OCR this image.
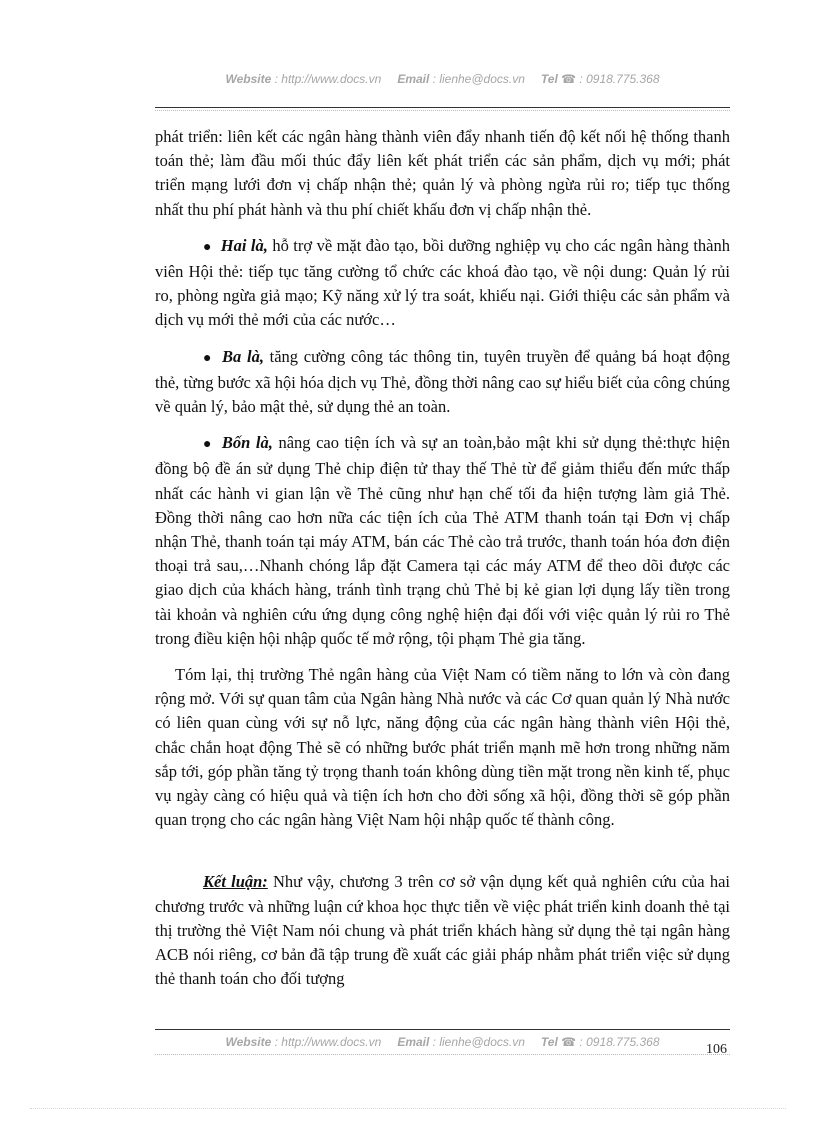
Website : http://www.docs.vn Email : lienhe@docs.vn Tel ☎ : 0918.775.368

phát triển: liên kết các ngân hàng thành viên đẩy nhanh tiến độ kết nối hệ thống thanh toán thẻ; làm đầu mối thúc đẩy liên kết phát triển các sản phẩm, dịch vụ mới; phát triển mạng lưới đơn vị chấp nhận thẻ; quản lý và phòng ngừa rủi ro; tiếp tục thống nhất thu phí phát hành và thu phí chiết khấu đơn vị chấp nhận thẻ.

● Hai là, hỗ trợ về mặt đào tạo, bồi dưỡng nghiệp vụ cho các ngân hàng thành viên Hội thẻ: tiếp tục tăng cường tổ chức các khoá đào tạo, về nội dung: Quản lý rủi ro, phòng ngừa giả mạo; Kỹ năng xử lý tra soát, khiếu nại. Giới thiệu các sản phẩm và dịch vụ mới thẻ mới của các nước…

● Ba là, tăng cường công tác thông tin, tuyên truyền để quảng bá hoạt động thẻ, từng bước xã hội hóa dịch vụ Thẻ, đồng thời nâng cao sự hiểu biết của công chúng về quản lý, bảo mật thẻ, sử dụng thẻ an toàn.

● Bốn là, nâng cao tiện ích và sự an toàn,bảo mật khi sử dụng thẻ:thực hiện đồng bộ đề án sử dụng Thẻ chip điện tử thay thế Thẻ từ để giảm thiểu đến mức thấp nhất các hành vi gian lận về Thẻ cũng như hạn chế tối đa hiện tượng làm giả Thẻ. Đồng thời nâng cao hơn nữa các tiện ích của Thẻ ATM thanh toán tại Đơn vị chấp nhận Thẻ, thanh toán tại máy ATM, bán các Thẻ cào trả trước, thanh toán hóa đơn điện thoại trả sau,…Nhanh chóng lắp đặt Camera tại các máy ATM để theo dõi được các giao dịch của khách hàng, tránh tình trạng chủ Thẻ bị kẻ gian lợi dụng lấy tiền trong tài khoản và nghiên cứu ứng dụng công nghệ hiện đại đối với việc quản lý rủi ro Thẻ trong điều kiện hội nhập quốc tế mở rộng, tội phạm Thẻ gia tăng.

Tóm lại, thị trường Thẻ ngân hàng của Việt Nam có tiềm năng to lớn và còn đang rộng mở. Với sự quan tâm của Ngân hàng Nhà nước và các Cơ quan quản lý Nhà nước có liên quan cùng với sự nỗ lực, năng động của các ngân hàng thành viên Hội thẻ, chắc chắn hoạt động Thẻ sẽ có những bước phát triển mạnh mẽ hơn trong những năm sắp tới, góp phần tăng tỷ trọng thanh toán không dùng tiền mặt trong nền kinh tế, phục vụ ngày càng có hiệu quả và tiện ích hơn cho đời sống xã hội, đồng thời sẽ góp phần quan trọng cho các ngân hàng Việt Nam hội nhập quốc tế thành công.

Kết luận: Như vậy, chương 3 trên cơ sở vận dụng kết quả nghiên cứu của hai chương trước và những luận cứ khoa học thực tiễn về việc phát triển kinh doanh thẻ tại thị trường thẻ Việt Nam nói chung và phát triển khách hàng sử dụng thẻ tại ngân hàng ACB nói riêng, cơ bản đã tập trung đề xuất các giải pháp nhằm phát triển việc sử dụng thẻ thanh toán cho đối tượng

Website : http://www.docs.vn Email : lienhe@docs.vn Tel ☎ : 0918.775.368	106
